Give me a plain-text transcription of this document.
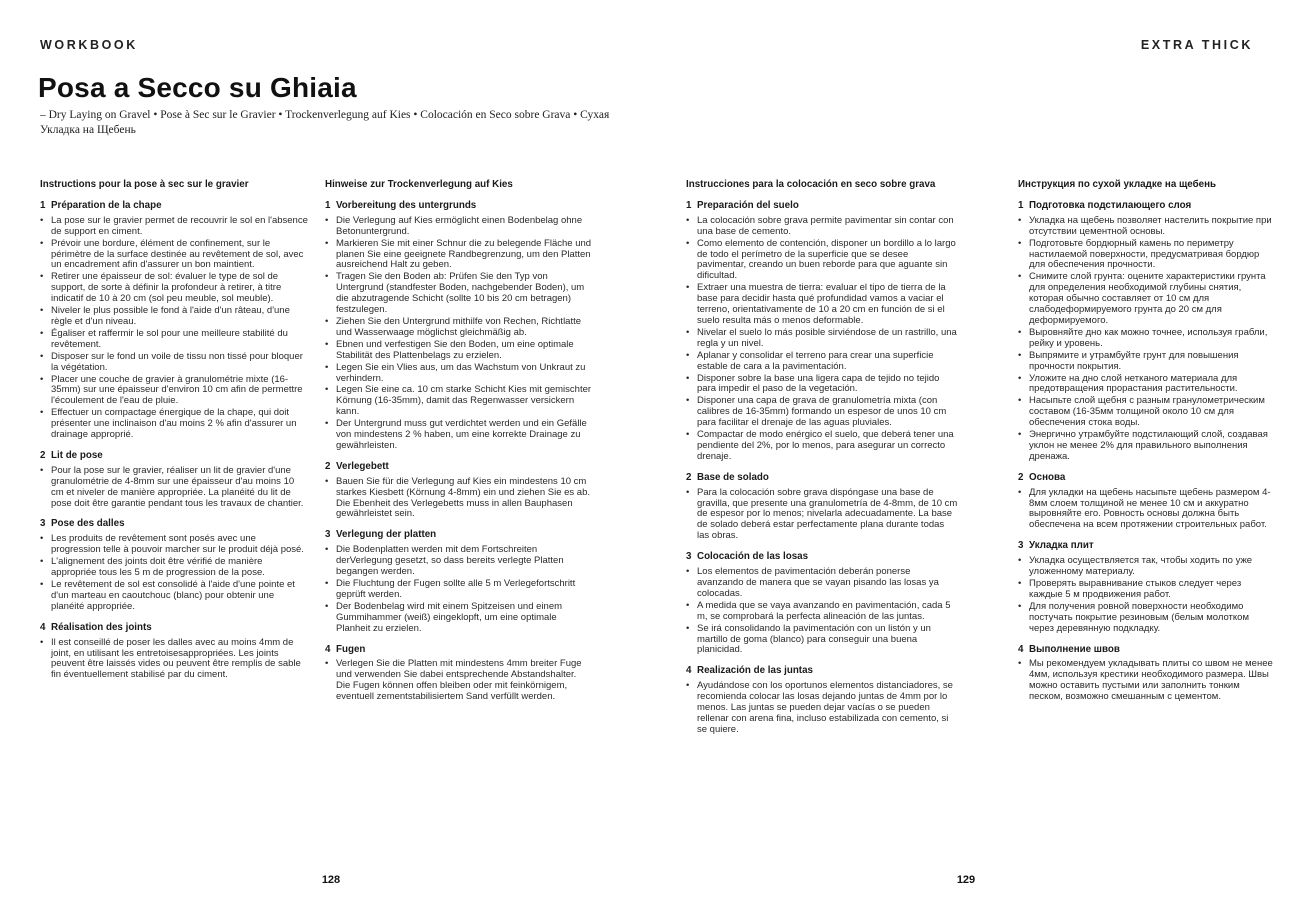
WORKBOOK	EXTRA THICK
Posa a Secco su Ghiaia
– Dry Laying on Gravel • Pose à Sec sur le Gravier • Trockenverlegung auf Kies • Colocación en Seco sobre Grava • Сухая Укладка на Щебень
Instructions pour la pose à sec sur le gravier
1 Préparation de la chape
• La pose sur le gravier permet de recouvrir le sol en l'absence de support en ciment.
• Prévoir une bordure, élément de confinement, sur le périmètre de la surface destinée au revêtement de sol, avec un encadrement afin d'assurer un bon maintient.
• Retirer une épaisseur de sol: évaluer le type de sol de support, de sorte à définir la profondeur à retirer, à titre indicatif de 10 à 20 cm (sol peu meuble, sol meuble).
• Niveler le plus possible le fond à l'aide d'un râteau, d'une règle et d'un niveau.
• Égaliser et raffermir le sol pour une meilleure stabilité du revêtement.
• Disposer sur le fond un voile de tissu non tissé pour bloquer la végétation.
• Placer une couche de gravier à granulométrie mixte (16-35mm) sur une épaisseur d'environ 10 cm afin de permettre l'écoulement de l'eau de pluie.
• Effectuer un compactage énergique de la chape, qui doit présenter une inclinaison d'au moins 2 % afin d'assurer un drainage approprié.
2 Lit de pose
• Pour la pose sur le gravier, réaliser un lit de gravier d'une granulométrie de 4-8mm sur une épaisseur d'au moins 10 cm et niveler de manière appropriée. La planéité du lit de pose doit être garantie pendant tous les travaux de chantier.
3 Pose des dalles
• Les produits de revêtement sont posés avec une progression telle à pouvoir marcher sur le produit déjà posé.
• L'alignement des joints doit être vérifié de manière appropriée tous les 5 m de progression de la pose.
• Le revêtement de sol est consolidé à l'aide d'une pointe et d'un marteau en caoutchouc (blanc) pour obtenir une planéité appropriée.
4 Réalisation des joints
• Il est conseillé de poser les dalles avec au moins 4mm de joint, en utilisant les entretoisesappropriées. Les joints peuvent être laissés vides ou peuvent être remplis de sable fin éventuellement stabilisé par du ciment.
Hinweise zur Trockenverlegung auf Kies
1 Vorbereitung des untergrunds
• Die Verlegung auf Kies ermöglicht einen Bodenbelag ohne Betonuntergrund.
• Markieren Sie mit einer Schnur die zu belegende Fläche und planen Sie eine geeignete Randbegrenzung, um den Platten ausreichend Halt zu geben.
• Tragen Sie den Boden ab: Prüfen Sie den Typ von Untergrund (standfester Boden, nachgebender Boden), um die abzutragende Schicht (sollte 10 bis 20 cm betragen) festzulegen.
• Ziehen Sie den Untergrund mithilfe von Rechen, Richtlatte und Wasserwaage möglichst gleichmäßig ab.
• Ebnen und verfestigen Sie den Boden, um eine optimale Stabilität des Plattenbelags zu erzielen.
• Legen Sie ein Vlies aus, um das Wachstum von Unkraut zu verhindern.
• Legen Sie eine ca. 10 cm starke Schicht Kies mit gemischter Körnung (16-35mm), damit das Regenwasser versickern kann.
• Der Untergrund muss gut verdichtet werden und ein Gefälle von mindestens 2 % haben, um eine korrekte Drainage zu gewährleisten.
2 Verlegebett
• Bauen Sie für die Verlegung auf Kies ein mindestens 10 cm starkes Kiesbett (Körnung 4-8mm) ein und ziehen Sie es ab. Die Ebenheit des Verlegebetts muss in allen Bauphasen gewährleistet sein.
3 Verlegung der platten
• Die Bodenplatten werden mit dem Fortschreiten derVerlegung gesetzt, so dass bereits verlegte Platten begangen werden.
• Die Fluchtung der Fugen sollte alle 5 m Verlegefortschritt geprüft werden.
• Der Bodenbelag wird mit einem Spitzeisen und einem Gummihammer (weiß) eingeklopft, um eine optimale Planheit zu erzielen.
4 Fugen
• Verlegen Sie die Platten mit mindestens 4mm breiter Fuge und verwenden Sie dabei entsprechende Abstandshalter. Die Fugen können offen bleiben oder mit feinkörnigem, eventuell zementstabilisiertem Sand verfüllt werden.
Instrucciones para la colocación en seco sobre grava
1 Preparación del suelo
• La colocación sobre grava permite pavimentar sin contar con una base de cemento.
• Como elemento de contención, disponer un bordillo a lo largo de todo el perímetro de la superficie que se desee pavimentar, creando un buen reborde para que aguante sin dificultad.
• Extraer una muestra de tierra: evaluar el tipo de tierra de la base para decidir hasta qué profundidad vamos a vaciar el terreno, orientativamente de 10 a 20 cm en función de si el suelo resulta más o menos deformable.
• Nivelar el suelo lo más posible sirviéndose de un rastrillo, una regla y un nivel.
• Aplanar y consolidar el terreno para crear una superficie estable de cara a la pavimentación.
• Disponer sobre la base una ligera capa de tejido no tejido para impedir el paso de la vegetación.
• Disponer una capa de grava de granulometría mixta (con calibres de 16-35mm) formando un espesor de unos 10 cm para facilitar el drenaje de las aguas pluviales.
• Compactar de modo enérgico el suelo, que deberá tener una pendiente del 2%, por lo menos, para asegurar un correcto drenaje.
2 Base de solado
• Para la colocación sobre grava dispóngase una base de gravilla, que presente una granulometría de 4-8mm, de 10 cm de espesor por lo menos; nivelarla adecuadamente. La base de solado deberá estar perfectamente plana durante todas las obras.
3 Colocación de las losas
• Los elementos de pavimentación deberán ponerse avanzando de manera que se vayan pisando las losas ya colocadas.
• A medida que se vaya avanzando en pavimentación, cada 5 m, se comprobará la perfecta alineación de las juntas.
• Se irá consolidando la pavimentación con un listón y un martillo de goma (blanco) para conseguir una buena planicidad.
4 Realización de las juntas
• Ayudándose con los oportunos elementos distanciadores, se recomienda colocar las losas dejando juntas de 4mm por lo menos. Las juntas se pueden dejar vacías o se pueden rellenar con arena fina, incluso estabilizada con cemento, si se quiere.
Инструкция по сухой укладке на щебень
1 Подготовка подстилающего слоя
• Укладка на щебень позволяет настелить покрытие при отсутствии цементной основы.
• Подготовьте бордюрный камень по периметру настилаемой поверхности, предусматривая бордюр для обеспечения прочности.
• Снимите слой грунта: оцените характеристики грунта для определения необходимой глубины снятия, которая обычно составляет от 10 см для слабодеформируемого грунта до 20 см для деформируемого.
• Выровняйте дно как можно точнее, используя грабли, рейку и уровень.
• Выпрямите и утрамбуйте грунт для повышения прочности покрытия.
• Уложите на дно слой нетканого материала для предотвращения прорастания растительности.
• Насыпьте слой щебня с разным гранулометрическим составом (16-35мм толщиной около 10 см для обеспечения стока воды.
• Энергично утрамбуйте подстилающий слой, создавая уклон не менее 2% для правильного выполнения дренажа.
2 Основа
• Для укладки на щебень насыпьте щебень размером 4-8мм слоем толщиной не менее 10 см и аккуратно выровняйте его. Ровность основы должна быть обеспечена на всем протяжении строительных работ.
3 Укладка плит
• Укладка осуществляется так, чтобы ходить по уже уложенному материалу.
• Проверять выравнивание стыков следует через каждые 5 м продвижения работ.
• Для получения ровной поверхности необходимо постучать покрытие резиновым (белым молотком через деревянную подкладку.
4 Выполнение швов
• Мы рекомендуем укладывать плиты со швом не менее 4мм, используя крестики необходимого размера. Швы можно оставить пустыми или заполнить тонким песком, возможно смешанным с цементом.
128	129
